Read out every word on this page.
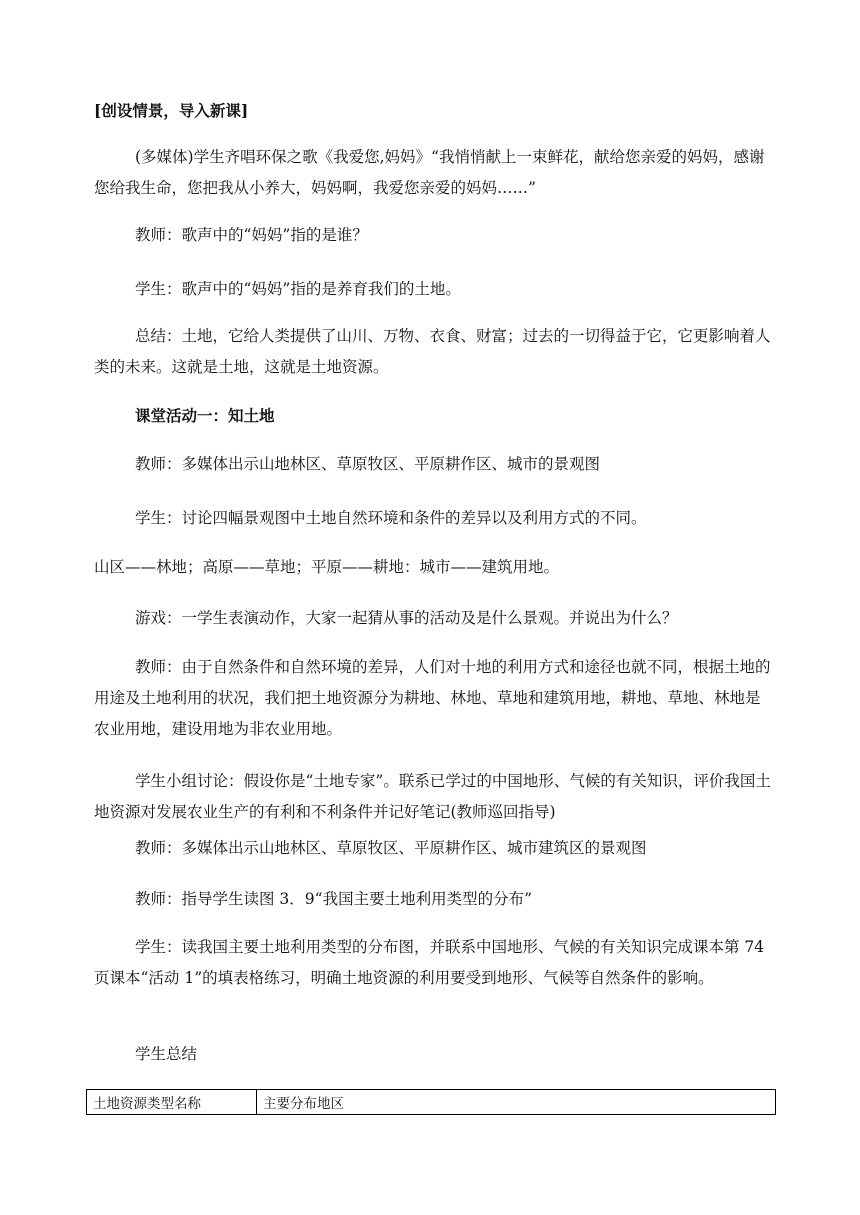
[创设情景，导入新课]

(多媒体)学生齐唱环保之歌《我爱您,妈妈》“我悄悄献上一束鲜花，献给您亲爱的妈妈，感谢您给我生命，您把我从小养大，妈妈啊，我爱您亲爱的妈妈……”

教师：歌声中的“妈妈”指的是谁？

学生：歌声中的“妈妈”指的是养育我们的土地。

总结：土地，它给人类提供了山川、万物、衣食、财富；过去的一切得益于它，它更影响着人类的未来。这就是土地，这就是土地资源。

课堂活动一：知土地

教师：多媒体出示山地林区、草原牧区、平原耕作区、城市的景观图

学生：讨论四幅景观图中土地自然环境和条件的差异以及利用方式的不同。

山区——林地；高原——草地；平原——耕地：城市——建筑用地。

游戏：一学生表演动作，大家一起猜从事的活动及是什么景观。并说出为什么？

教师：由于自然条件和自然环境的差异，人们对十地的利用方式和途径也就不同，根据土地的用途及土地利用的状况，我们把土地资源分为耕地、林地、草地和建筑用地，耕地、草地、林地是农业用地，建设用地为非农业用地。

学生小组讨论：假设你是“土地专家”。联系已学过的中国地形、气候的有关知识，评价我国土地资源对发展农业生产的有利和不利条件并记好笔记(教师巡回指导)

教师：多媒体出示山地林区、草原牧区、平原耕作区、城市建筑区的景观图

教师：指导学生读图 3．9“我国主要土地利用类型的分布”

学生：读我国主要土地利用类型的分布图，并联系中国地形、气候的有关知识完成课本第 74 页课本“活动 1”的填表格练习，明确土地资源的利用要受到地形、气候等自然条件的影响。

学生总结

土地资源类型名称	主要分布地区
